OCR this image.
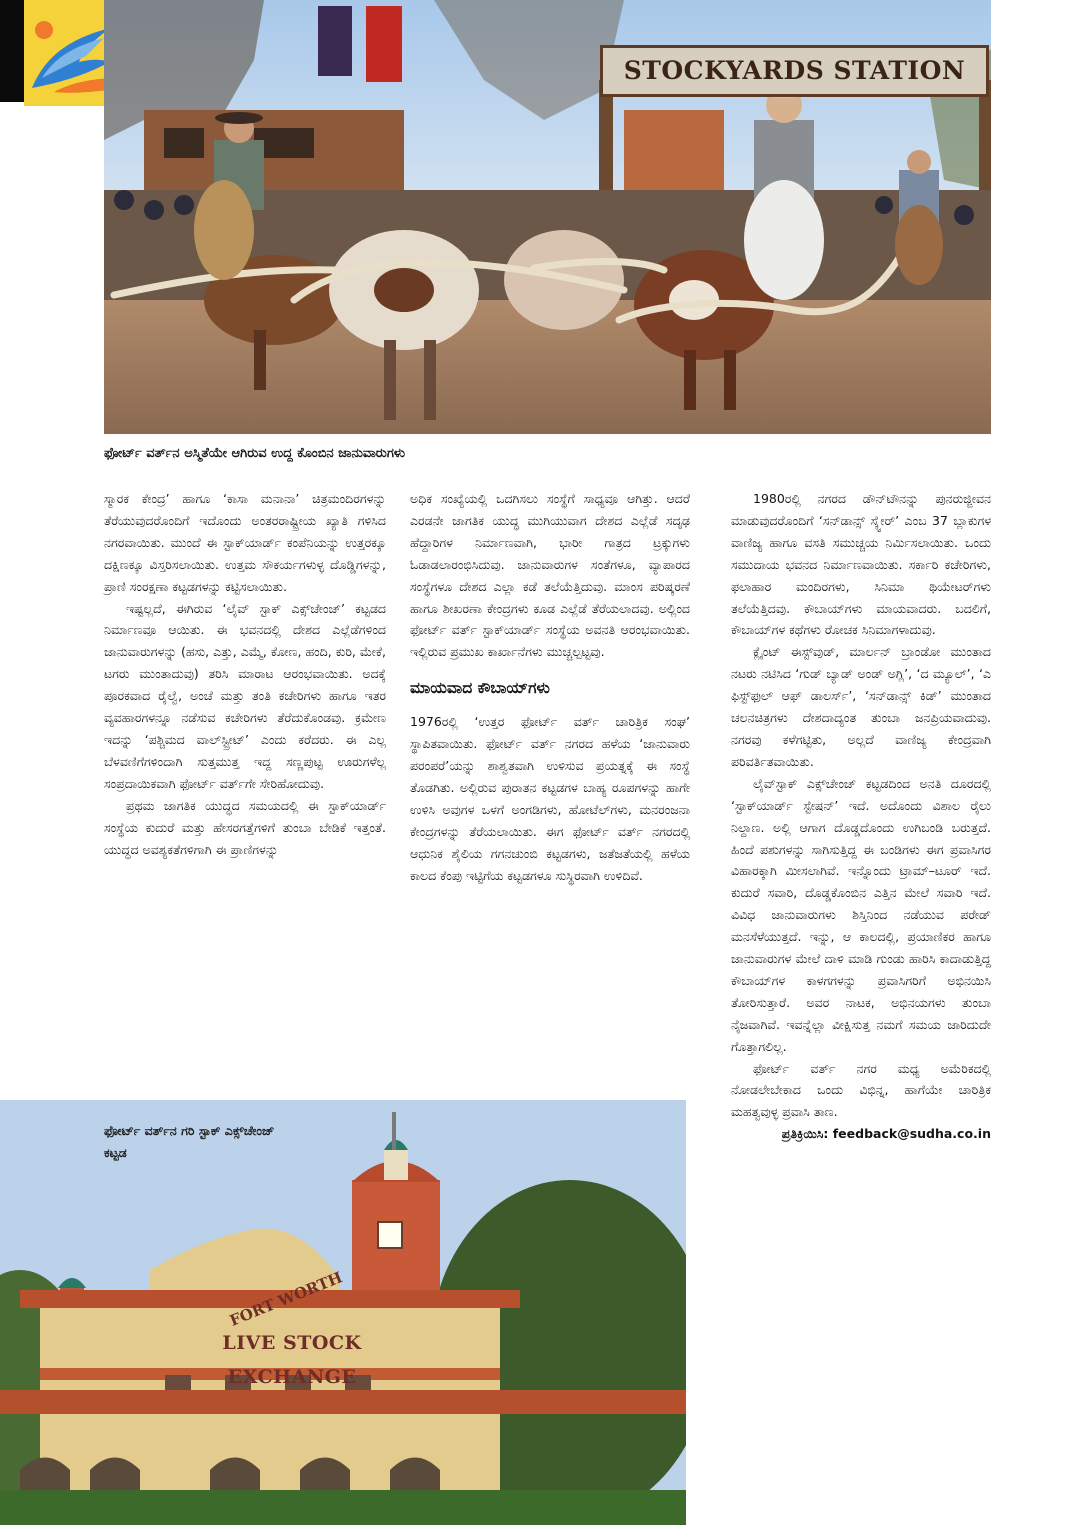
STOCKYARDS STATION
ಫೋರ್ಟ್ ವರ್ತ್‌ನ ಅಸ್ಮಿತೆಯೇ ಆಗಿರುವ ಉದ್ದ ಕೊಂಬಿನ ಜಾನುವಾರುಗಳು

ಸ್ಮಾರಕ ಕೇಂದ್ರ’ ಹಾಗೂ ‘ಕಾಸಾ ಮನಾನಾ’ ಚಿತ್ರಮಂದಿರಗಳನ್ನು ತೆರೆಯುವುದರೊಂದಿಗೆ ಇದೊಂದು ಅಂತರರಾಷ್ಟ್ರೀಯ ಖ್ಯಾತಿ ಗಳಿಸಿದ ನಗರವಾಯಿತು. ಮುಂದೆ ಈ ಸ್ಟಾಕ್‌ಯಾರ್ಡ್ ಕಂಪೆನಿಯನ್ನು ಉತ್ತರಕ್ಕೂ ದಕ್ಷಿಣಕ್ಕೂ ವಿಸ್ತರಿಸಲಾಯಿತು. ಉತ್ತಮ ಸೌಕರ್ಯಗಳುಳ್ಳ ದೊಡ್ಡಿಗಳನ್ನು, ಪ್ರಾಣಿ ಸಂರಕ್ಷಣಾ ಕಟ್ಟಡಗಳನ್ನು ಕಟ್ಟಿಸಲಾಯಿತು.

ಇಷ್ಟಲ್ಲದೆ, ಈಗಿರುವ ‘ಲೈವ್ ಸ್ಟಾಕ್ ಎಕ್ಸ್‌ಚೇಂಜ್’ ಕಟ್ಟಡದ ನಿರ್ಮಾಣವೂ ಆಯಿತು. ಈ ಭವನದಲ್ಲಿ ದೇಶದ ಎಲ್ಲೆಡೆಗಳಿಂದ ಜಾನುವಾರುಗಳನ್ನು (ಹಸು, ಎತ್ತು, ಎಮ್ಮೆ, ಕೋಣ, ಹಂದಿ, ಕುರಿ, ಮೇಕೆ, ಟಗರು ಮುಂತಾದುವು) ತರಿಸಿ ಮಾರಾಟ ಆರಂಭವಾಯಿತು. ಅದಕ್ಕೆ ಪೂರಕವಾದ ರೈಲ್ವೆ, ಅಂಚೆ ಮತ್ತು ತಂತಿ ಕಚೇರಿಗಳು ಹಾಗೂ ಇತರ ವ್ಯವಹಾರಗಳನ್ನೂ ನಡೆಸುವ ಕಚೇರಿಗಳು ತೆರೆದುಕೊಂಡವು. ಕ್ರಮೇಣ ಇದನ್ನು ‘ಪಶ್ಚಿಮದ ವಾಲ್‌ಸ್ಟ್ರೀಟ್’ ಎಂದು ಕರೆದರು. ಈ ಎಲ್ಲ ಬೆಳವಣಿಗೆಗಳಿಂದಾಗಿ ಸುತ್ತಮುತ್ತ ಇದ್ದ ಸಣ್ಣಪುಟ್ಟ ಊರುಗಳೆಲ್ಲ ಸಂಪ್ರದಾಯಿಕವಾಗಿ ಫೋರ್ಟ್ ವರ್ತ್‌ಗೇ ಸೇರಿಹೋದುವು.

ಪ್ರಥಮ ಜಾಗತಿಕ ಯುದ್ಧದ ಸಮಯದಲ್ಲಿ ಈ ಸ್ಟಾಕ್‌ಯಾರ್ಡ್ ಸಂಸ್ಥೆಯ ಕುದುರೆ ಮತ್ತು ಹೇಸರಗತ್ತೆಗಳಿಗೆ ತುಂಬಾ ಬೇಡಿಕೆ ಇತ್ತಂತೆ. ಯುದ್ಧದ ಅವಶ್ಯಕತೆಗಳಿಗಾಗಿ ಈ ಪ್ರಾಣಿಗಳನ್ನು

ಅಧಿಕ ಸಂಖ್ಯೆಯಲ್ಲಿ ಒದಗಿಸಲು ಸಂಸ್ಥೆಗೆ ಸಾಧ್ಯವೂ ಆಗಿತ್ತು. ಆದರೆ ಎರಡನೇ ಜಾಗತಿಕ ಯುದ್ಧ ಮುಗಿಯುವಾಗ ದೇಶದ ಎಲ್ಲೆಡೆ ಸದೃಢ ಹೆದ್ದಾರಿಗಳ ನಿರ್ಮಾಣವಾಗಿ, ಭಾರೀ ಗಾತ್ರದ ಟ್ರಕ್ಕುಗಳು ಓಡಾಡಲಾರಂಭಿಸಿದುವು. ಜಾನುವಾರುಗಳ ಸಂತೆಗಳೂ, ವ್ಯಾಪಾರದ ಸಂಸ್ಥೆಗಳೂ ದೇಶದ ಎಲ್ಲಾ ಕಡೆ ತಲೆಯೆತ್ತಿದುವು. ಮಾಂಸ ಪರಿಷ್ಕರಣೆ ಹಾಗೂ ಶೀಖರಣಾ ಕೇಂದ್ರಗಳು ಕೂಡ ಎಲ್ಲೆಡೆ ತೆರೆಯಲಾದವು. ಅಲ್ಲಿಂದ ಫೋರ್ಟ್ ವರ್ತ್ ಸ್ಟಾಕ್‌ಯಾರ್ಡ್ ಸಂಸ್ಥೆಯ ಅವನತಿ ಆರಂಭವಾಯಿತು. ಇಲ್ಲಿರುವ ಪ್ರಮುಖ ಕಾರ್ಖಾನೆಗಳು ಮುಚ್ಚಲ್ಪಟ್ಟವು.

ಮಾಯವಾದ ಕೌಬಾಯ್‌ಗಳು

1976ರಲ್ಲಿ ‘ಉತ್ತರ ಫೋರ್ಟ್ ವರ್ತ್ ಚಾರಿತ್ರಿಕ ಸಂಘ’ ಸ್ಥಾಪಿತವಾಯಿತು. ಫೋರ್ಟ್ ವರ್ತ್ ನಗರದ ಹಳೆಯ ‘ಜಾನುವಾರು ಪರಂಪರೆ’ಯನ್ನು ಶಾಶ್ವತವಾಗಿ ಉಳಿಸುವ ಪ್ರಯತ್ನಕ್ಕೆ ಈ ಸಂಸ್ಥೆ ತೊಡಗಿತು. ಅಲ್ಲಿರುವ ಪುರಾತನ ಕಟ್ಟಡಗಳ ಬಾಹ್ಯ ರೂಪಗಳನ್ನು ಹಾಗೇ ಉಳಿಸಿ ಅವುಗಳ ಒಳಗೆ ಅಂಗಡಿಗಳು, ಹೋಟೆಲ್‌ಗಳು, ಮನರಂಜನಾ ಕೇಂದ್ರಗಳನ್ನು ತೆರೆಯಲಾಯಿತು. ಈಗ ಫೋರ್ಟ್ ವರ್ತ್ ನಗರದಲ್ಲಿ ಆಧುನಿಕ ಶೈಲಿಯ ಗಗನಚುಂಬಿ ಕಟ್ಟಡಗಳು, ಜತೆಜತೆಯಲ್ಲಿ ಹಳೆಯ ಕಾಲದ ಕೆಂಪು ಇಟ್ಟಿಗೆಯ ಕಟ್ಟಡಗಳೂ ಸುಸ್ಥಿರವಾಗಿ ಉಳಿದಿವೆ.

1980ರಲ್ಲಿ ನಗರದ ಡೌನ್‌ಟೌನನ್ನು ಪುನರುಜ್ಜೀವನ ಮಾಡುವುದರೊಂದಿಗೆ ‘ಸನ್‌ಡಾನ್ಸ್ ಸ್ಕ್ವೇರ್’ ಎಂಬ 37 ಬ್ಲಾಕುಗಳ ವಾಣಿಜ್ಯ ಹಾಗೂ ವಸತಿ ಸಮುಚ್ಚಯ ನಿರ್ಮಿಸಲಾಯಿತು. ಒಂದು ಸಮುದಾಯ ಭವನದ ನಿರ್ಮಾಣವಾಯಿತು. ಸರ್ಕಾರಿ ಕಚೇರಿಗಳು, ಫಲಾಹಾರ ಮಂದಿರಗಳು, ಸಿನಿಮಾ ಥಿಯೇಟರ್‌ಗಳು ತಲೆಯೆತ್ತಿದವು. ಕೌಬಾಯ್‌ಗಳು ಮಾಯವಾದರು. ಬದಲಿಗೆ, ಕೌಬಾಯ್‌ಗಳ ಕಥೆಗಳು ರೋಚಕ ಸಿನಿಮಾಗಳಾದುವು.

ಕ್ಲೈಂಟ್ ಈಸ್ಟ್‌ವುಡ್, ಮಾರ್ಲನ್ ಬ್ರಾಂಡೋ ಮುಂತಾದ ನಟರು ನಟಿಸಿದ ‘ಗುಡ್ ಬ್ಯಾಡ್ ಅಂಡ್ ಅಗ್ಲಿ’, ‘ದ ಮ್ಯೂಲ್’, ‘ಎ ಫಿಸ್ಟ್‌ಫುಲ್ ಆಫ್ ಡಾಲರ್ಸ್’, ‘ಸನ್‌ಡಾನ್ಸ್ ಕಿಡ್’ ಮುಂತಾದ ಚಲನಚಿತ್ರಗಳು ದೇಶದಾದ್ಯಂತ ತುಂಬಾ ಜನಪ್ರಿಯವಾದುವು. ನಗರವು ಕಳೆಗಟ್ಟಿತು, ಅಲ್ಲದೆ ವಾಣಿಜ್ಯ ಕೇಂದ್ರವಾಗಿ ಪರಿವರ್ತಿತವಾಯಿತು.

ಲೈವ್‌ಸ್ಟಾಕ್ ಎಕ್ಸ್‌ಚೇಂಜ್ ಕಟ್ಟಡದಿಂದ ಅನತಿ ದೂರದಲ್ಲಿ ‘ಸ್ಟಾಕ್‌ಯಾರ್ಡ್ ಸ್ಟೇಷನ್’ ಇದೆ. ಅದೊಂದು ವಿಶಾಲ ರೈಲು ನಿಲ್ದಾಣ. ಅಲ್ಲಿ ಆಗಾಗ ದೊಡ್ಡದೊಂದು ಉಗಿಬಂಡಿ ಬರುತ್ತದೆ. ಹಿಂದೆ ಪಶುಗಳನ್ನು ಸಾಗಿಸುತ್ತಿದ್ದ ಈ ಬಂಡಿಗಳು ಈಗ ಪ್ರವಾಸಿಗರ ವಿಹಾರಕ್ಕಾಗಿ ಮೀಸಲಾಗಿವೆ. ಇನ್ನೊಂದು ಟ್ರಾಮ್–ಟೂರ್ ಇದೆ. ಕುದುರೆ ಸವಾರಿ, ದೊಡ್ಡಕೊಂಬಿನ ಎತ್ತಿನ ಮೇಲೆ ಸವಾರಿ ಇದೆ. ವಿವಿಧ ಜಾನುವಾರುಗಳು ಶಿಸ್ತಿನಿಂದ ನಡೆಯುವ ಪರೇಡ್ ಮನಸೆಳೆಯುತ್ತದೆ. ಇನ್ನು, ಆ ಕಾಲದಲ್ಲಿ, ಪ್ರಯಾಣಿಕರ ಹಾಗೂ ಜಾನುವಾರುಗಳ ಮೇಲೆ ದಾಳಿ ಮಾಡಿ ಗುಂಡು ಹಾರಿಸಿ ಕಾದಾಡುತ್ತಿದ್ದ ಕೌಬಾಯ್‌ಗಳ ಕಾಳಗಗಳನ್ನು ಪ್ರವಾಸಿಗರಿಗೆ ಅಭಿನಯಿಸಿ ತೋರಿಸುತ್ತಾರೆ. ಅವರ ನಾಟಕ, ಅಭಿನಯಗಳು ತುಂಬಾ ನೈಜವಾಗಿವೆ. ಇವನ್ನೆಲ್ಲಾ ವೀಕ್ಷಿಸುತ್ತ ನಮಗೆ ಸಮಯ ಜಾರಿದುದೇ ಗೊತ್ತಾಗಲಿಲ್ಲ.

ಫೋರ್ಟ್ ವರ್ತ್ ನಗರ ಮಧ್ಯ ಅಮೆರಿಕದಲ್ಲಿ ನೋಡಲೇಬೇಕಾದ ಒಂದು ವಿಭಿನ್ನ, ಹಾಗೆಯೇ ಚಾರಿತ್ರಿಕ ಮಹತ್ವವುಳ್ಳ ಪ್ರವಾಸಿ ತಾಣ.

ಪ್ರತಿಕ್ರಿಯಿಸಿ: feedback@sudha.co.in

FORT WORTH
LIVE STOCK EXCHANGE
ಫೋರ್ಟ್ ವರ್ತ್‌ನ ಗರಿ ಸ್ಟಾಕ್ ಎಕ್ಸ್‌ಚೇಂಜ್ ಕಟ್ಟಡ
